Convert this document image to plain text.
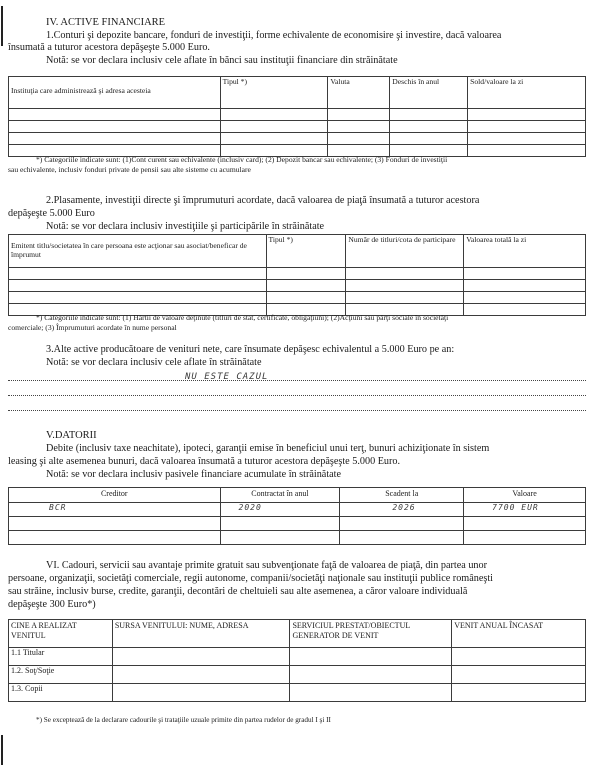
IV. ACTIVE FINANCIARE
1.Conturi şi depozite bancare, fonduri de investiţii, forme echivalente de economisire şi investire, dacă valoarea
însumată a tuturor acestora depăşeşte 5.000 Euro.
Notă: se vor declara inclusiv cele aflate în bănci sau instituţii financiare din străinătate
Instituţia care administrează şi adresa acesteia	Tipul *)	Valuta	Deschis în anul	Sold/valoare la zi

*) Categoriile indicate sunt: (1)Cont curent sau echivalente (inclusiv card); (2) Depozit bancar sau echivalente; (3) Fonduri de investiţii
sau echivalente, inclusiv fonduri private de pensii sau alte sisteme cu acumulare
2.Plasamente, investiţii directe şi împrumuturi acordate, dacă valoarea de piaţă însumată a tuturor acestora
depăşeşte 5.000 Euro
Notă: se vor declara inclusiv investiţiile şi participările în străinătate
Emitent titlu/societatea în care persoana este acţionar sau asociat/beneficar de împrumut	Tipul *)	Număr de titluri/cota de participare	Valoarea totală la zi

*) Categoriile indicate sunt: (1) Hârtii de valoare deţinute (titluri de stat, certificate, obligaţiuni); (2)Acţiuni sau părţi sociale în societăţi
comerciale; (3) Împrumuturi acordate în nume personal
3.Alte active producătoare de venituri nete, care însumate depăşesc echivalentul a 5.000 Euro pe an:
Notă: se vor declara inclusiv cele aflate în străinătate
NU ESTE CAZUL
V.DATORII
Debite (inclusiv taxe neachitate), ipoteci, garanţii emise în beneficiul unui terţ, bunuri achiziţionate în sistem
leasing şi alte asemenea bunuri, dacă valoarea însumată a tuturor acestora depăşeşte 5.000 Euro.
Notă: se vor declara inclusiv pasivele financiare acumulate în străinătate
Creditor	Contractat în anul	Scadent la	Valoare
BCR	2020	2026	7700 EUR

VI. Cadouri, servicii sau avantaje primite gratuit sau subvenţionate faţă de valoarea de piaţă, din partea unor
persoane, organizaţii, societăţi comerciale, regii autonome, companii/societăţi naţionale sau instituţii publice româneşti
sau străine, inclusiv burse, credite, garanţii, decontări de cheltuieli sau alte asemenea, a căror valoare individuală
depăşeşte 300 Euro*)
CINE A REALIZAT VENITUL	SURSA VENITULUI: NUME, ADRESA	SERVICIUL PRESTAT/OBIECTUL GENERATOR DE VENIT	VENIT ANUAL ÎNCASAT
1.1 Titular			
1.2. Soţ/Soţie			
1.3. Copii			
*) Se exceptează de la declarare cadourile şi trataţiile uzuale primite din partea rudelor de gradul I şi II
